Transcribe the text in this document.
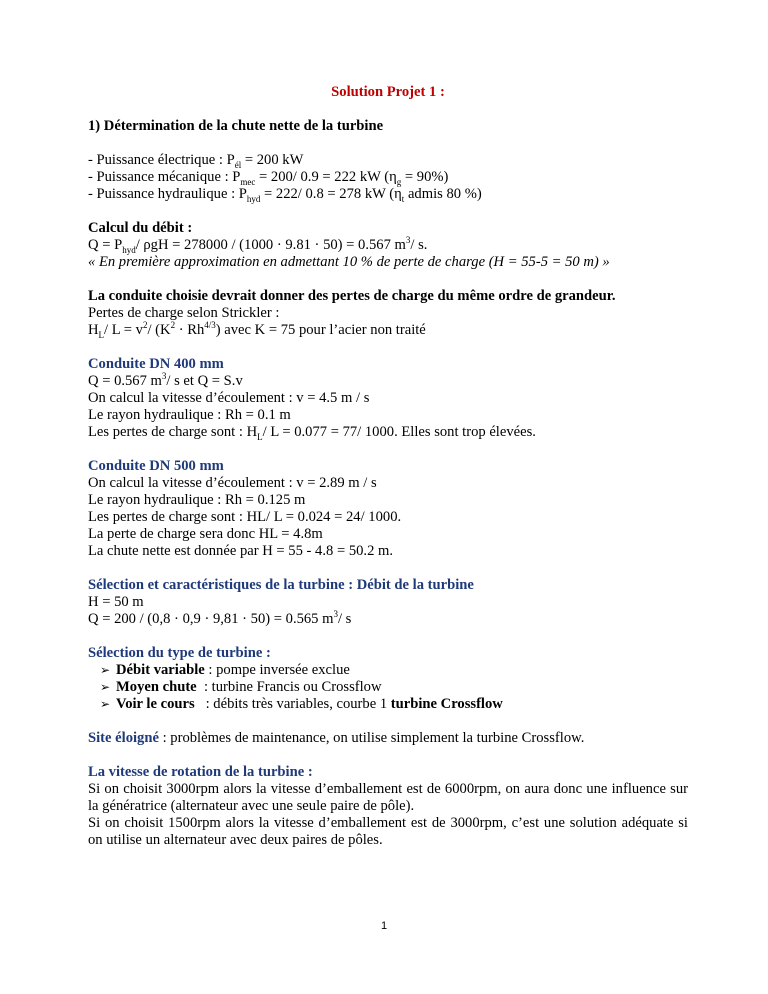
Solution Projet 1 :
1) Détermination de la chute nette de la turbine
- Puissance électrique : $P_{él} = 200$ kW
- Puissance mécanique : $P_{mec} = 200/$ 0.9 = 222 kW $(\eta_g = 90\%)$
- Puissance hydraulique : $P_{hyd} = 222/$ 0.8 = 278 kW ($\eta_t$ admis 80 %)
Calcul du débit :
$Q = P_{hyd}/$ ρgH = 278000 / (1000 · 9.81 · 50) = 0.567 $m^3/$ s.
« En première approximation en admettant 10 % de perte de charge (H = 55-5 = 50 m) »
La conduite choisie devrait donner des pertes de charge du même ordre de grandeur.
Pertes de charge selon Strickler :
$H_L/$ $L = v^2/$ $(K^2 \cdot Rh^{4/3})$ avec K = 75 pour l’acier non traité
Conduite DN 400 mm
Q = 0.567 $m^3/$ s et Q = S.v
On calcul la vitesse d’écoulement : v = 4.5 m / s
Le rayon hydraulique : Rh = 0.1 m
Les pertes de charge sont : $H_L/$ L = 0.077 = 77/ 1000. Elles sont trop élevées.
Conduite DN 500 mm
On calcul la vitesse d’écoulement : v = 2.89 m / s
Le rayon hydraulique : Rh = 0.125 m
Les pertes de charge sont : HL/ L = 0.024 = 24/ 1000.
La perte de charge sera donc HL = 4.8m
La chute nette est donnée par H = 55 - 4.8 = 50.2 m.
Sélection et caractéristiques de la turbine : Débit de la turbine
H = 50 m
Q = 200 / (0,8 · 0,9 · 9,81 · 50) = 0.565 $m^3/$ s
Sélection du type de turbine :
➢ Débit variable : pompe inversée exclue
➢ Moyen chute  : turbine Francis ou Crossflow
➢ Voir le cours   : débits très variables, courbe 1 turbine Crossflow
Site éloigné : problèmes de maintenance, on utilise simplement la turbine Crossflow.
La vitesse de rotation de la turbine :
Si on choisit 3000rpm alors la vitesse d’emballement est de 6000rpm, on aura donc une influence sur la génératrice (alternateur avec une seule paire de pôle).
Si on choisit 1500rpm alors la vitesse d’emballement est de 3000rpm, c’est une solution adéquate si on utilise un alternateur avec deux paires de pôles.
1
